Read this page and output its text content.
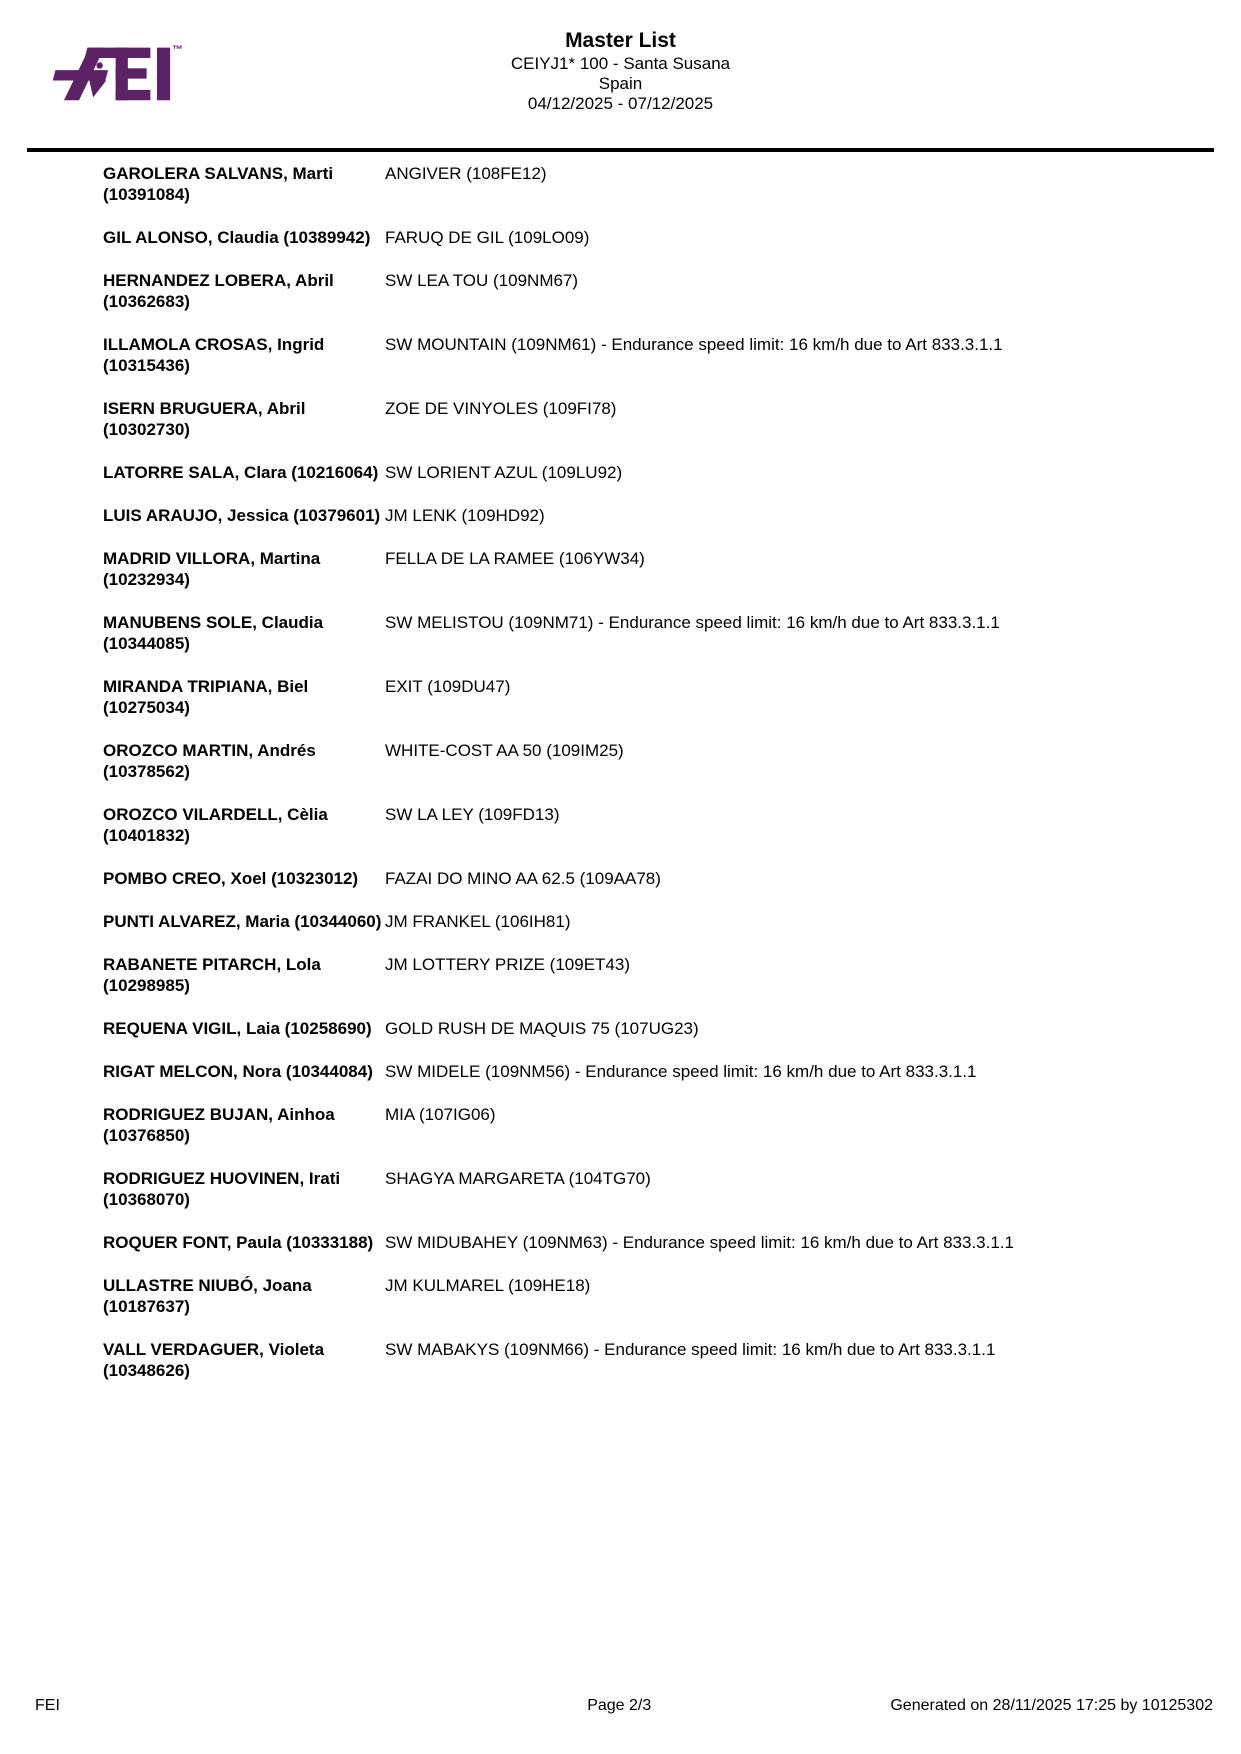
™	Master List
CEIYJ1* 100 - Santa Susana
Spain
04/12/2025 - 07/12/2025
GAROLERA SALVANS, Marti
(10391084)	ANGIVER (108FE12)

GIL ALONSO, Claudia (10389942)	FARUQ DE GIL (109LO09)

HERNANDEZ LOBERA, Abril
(10362683)	SW LEA TOU (109NM67)

ILLAMOLA CROSAS, Ingrid
(10315436)	SW MOUNTAIN (109NM61) - Endurance speed limit: 16 km/h due to Art 833.3.1.1

ISERN BRUGUERA, Abril
(10302730)	ZOE DE VINYOLES (109FI78)

LATORRE SALA, Clara (10216064)	SW LORIENT AZUL (109LU92)

LUIS ARAUJO, Jessica (10379601)	JM LENK (109HD92)

MADRID VILLORA, Martina
(10232934)	FELLA DE LA RAMEE (106YW34)

MANUBENS SOLE, Claudia
(10344085)	SW MELISTOU (109NM71) - Endurance speed limit: 16 km/h due to Art 833.3.1.1

MIRANDA TRIPIANA, Biel
(10275034)	EXIT (109DU47)

OROZCO MARTIN, Andrés
(10378562)	WHITE-COST AA 50 (109IM25)

OROZCO VILARDELL, Cèlia
(10401832)	SW LA LEY (109FD13)

POMBO CREO, Xoel (10323012)	FAZAI DO MINO AA 62.5 (109AA78)

PUNTI ALVAREZ, Maria (10344060)	JM FRANKEL (106IH81)

RABANETE PITARCH, Lola
(10298985)	JM LOTTERY PRIZE (109ET43)

REQUENA VIGIL, Laia (10258690)	GOLD RUSH DE MAQUIS 75 (107UG23)

RIGAT MELCON, Nora (10344084)	SW MIDELE (109NM56) - Endurance speed limit: 16 km/h due to Art 833.3.1.1

RODRIGUEZ BUJAN, Ainhoa
(10376850)	MIA (107IG06)

RODRIGUEZ HUOVINEN, Irati
(10368070)	SHAGYA MARGARETA (104TG70)

ROQUER FONT, Paula (10333188)	SW MIDUBAHEY (109NM63) - Endurance speed limit: 16 km/h due to Art 833.3.1.1

ULLASTRE NIUBÓ, Joana
(10187637)	JM KULMAREL (109HE18)

VALL VERDAGUER, Violeta
(10348626)	SW MABAKYS (109NM66) - Endurance speed limit: 16 km/h due to Art 833.3.1.1
FEI	Page 2/3	Generated on 28/11/2025 17:25 by 10125302
